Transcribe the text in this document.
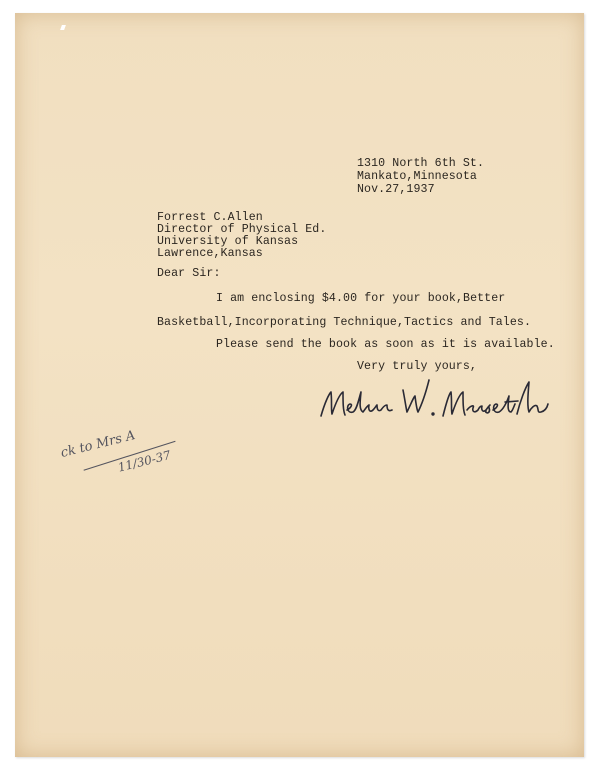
1310 North 6th St.
Mankato,Minnesota
Nov.27,1937
Forrest C.Allen
Director of Physical Ed.
University of Kansas
Lawrence,Kansas
Dear Sir:
I am enclosing $4.00 for your book,Better
Basketball,Incorporating Technique,Tactics and Tales.
Please send the book as soon as it is available.
Very truly yours,
ck to Mrs A
11/30-37
